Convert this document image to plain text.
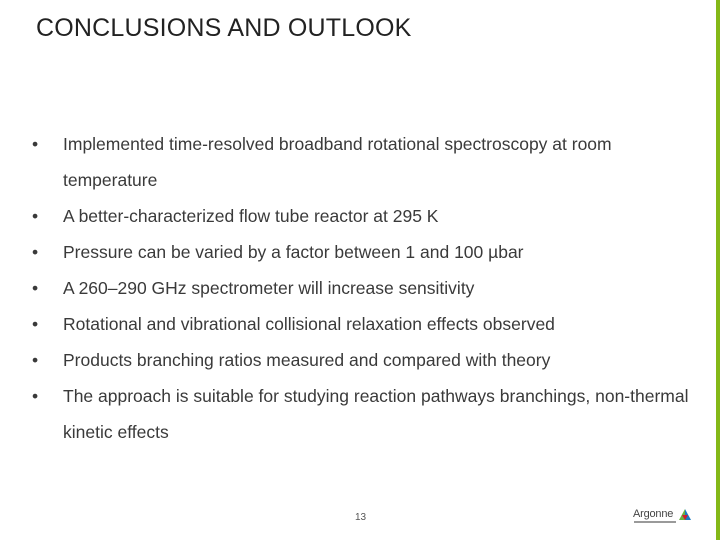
CONCLUSIONS AND OUTLOOK
• Implemented time-resolved broadband rotational spectroscopy at room temperature
• A better-characterized flow tube reactor at 295 K
• Pressure can be varied by a factor between 1 and 100 µbar
• A 260–290 GHz spectrometer will increase sensitivity
• Rotational and vibrational collisional relaxation effects observed
• Products branching ratios measured and compared with theory
• The approach is suitable for studying reaction pathways branchings, non-thermal kinetic effects
13	Argonne
